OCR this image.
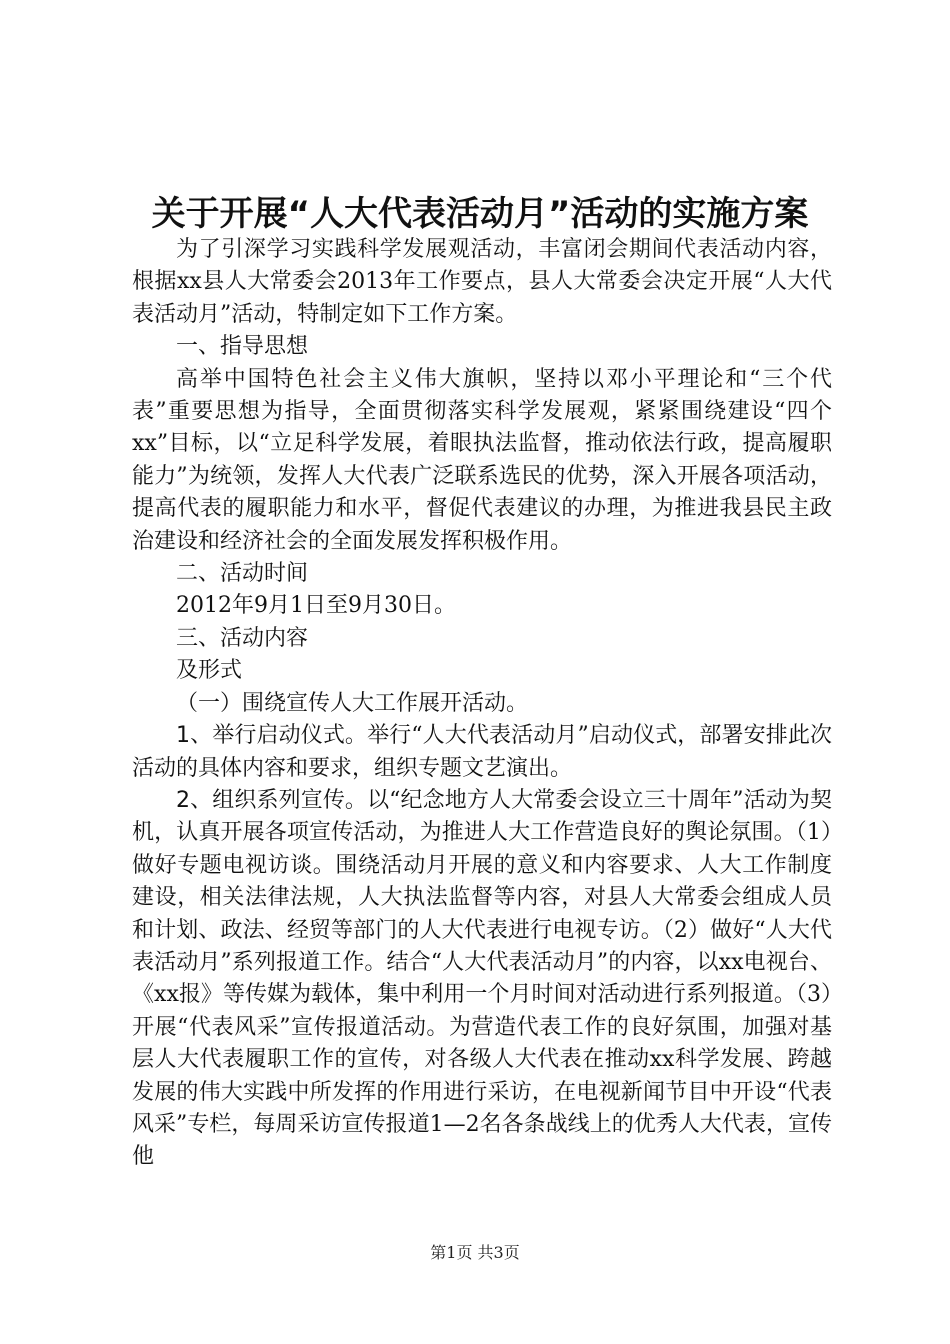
关于开展“人大代表活动月”活动的实施方案

为了引深学习实践科学发展观活动，丰富闭会期间代表活动内容，根据xx县人大常委会2013年工作要点，县人大常委会决定开展“人大代表活动月”活动，特制定如下工作方案。

一、指导思想

高举中国特色社会主义伟大旗帜，坚持以邓小平理论和“三个代表”重要思想为指导，全面贯彻落实科学发展观，紧紧围绕建设“四个xx”目标，以“立足科学发展，着眼执法监督，推动依法行政，提高履职能力”为统领，发挥人大代表广泛联系选民的优势，深入开展各项活动，提高代表的履职能力和水平，督促代表建议的办理，为推进我县民主政治建设和经济社会的全面发展发挥积极作用。

二、活动时间

2012年9月1日至9月30日。

三、活动内容

及形式

（一）围绕宣传人大工作展开活动。

1、举行启动仪式。举行“人大代表活动月”启动仪式，部署安排此次活动的具体内容和要求，组织专题文艺演出。

2、组织系列宣传。以“纪念地方人大常委会设立三十周年”活动为契机，认真开展各项宣传活动，为推进人大工作营造良好的舆论氛围。（1）做好专题电视访谈。围绕活动月开展的意义和内容要求、人大工作制度建设，相关法律法规，人大执法监督等内容，对县人大常委会组成人员和计划、政法、经贸等部门的人大代表进行电视专访。（2）做好“人大代表活动月”系列报道工作。结合“人大代表活动月”的内容，以xx电视台、《xx报》等传媒为载体，集中利用一个月时间对活动进行系列报道。（3）开展“代表风采”宣传报道活动。为营造代表工作的良好氛围，加强对基层人大代表履职工作的宣传，对各级人大代表在推动xx科学发展、跨越发展的伟大实践中所发挥的作用进行采访，在电视新闻节目中开设“代表风采”专栏，每周采访宣传报道1—2名各条战线上的优秀人大代表，宣传他

第1页 共3页
